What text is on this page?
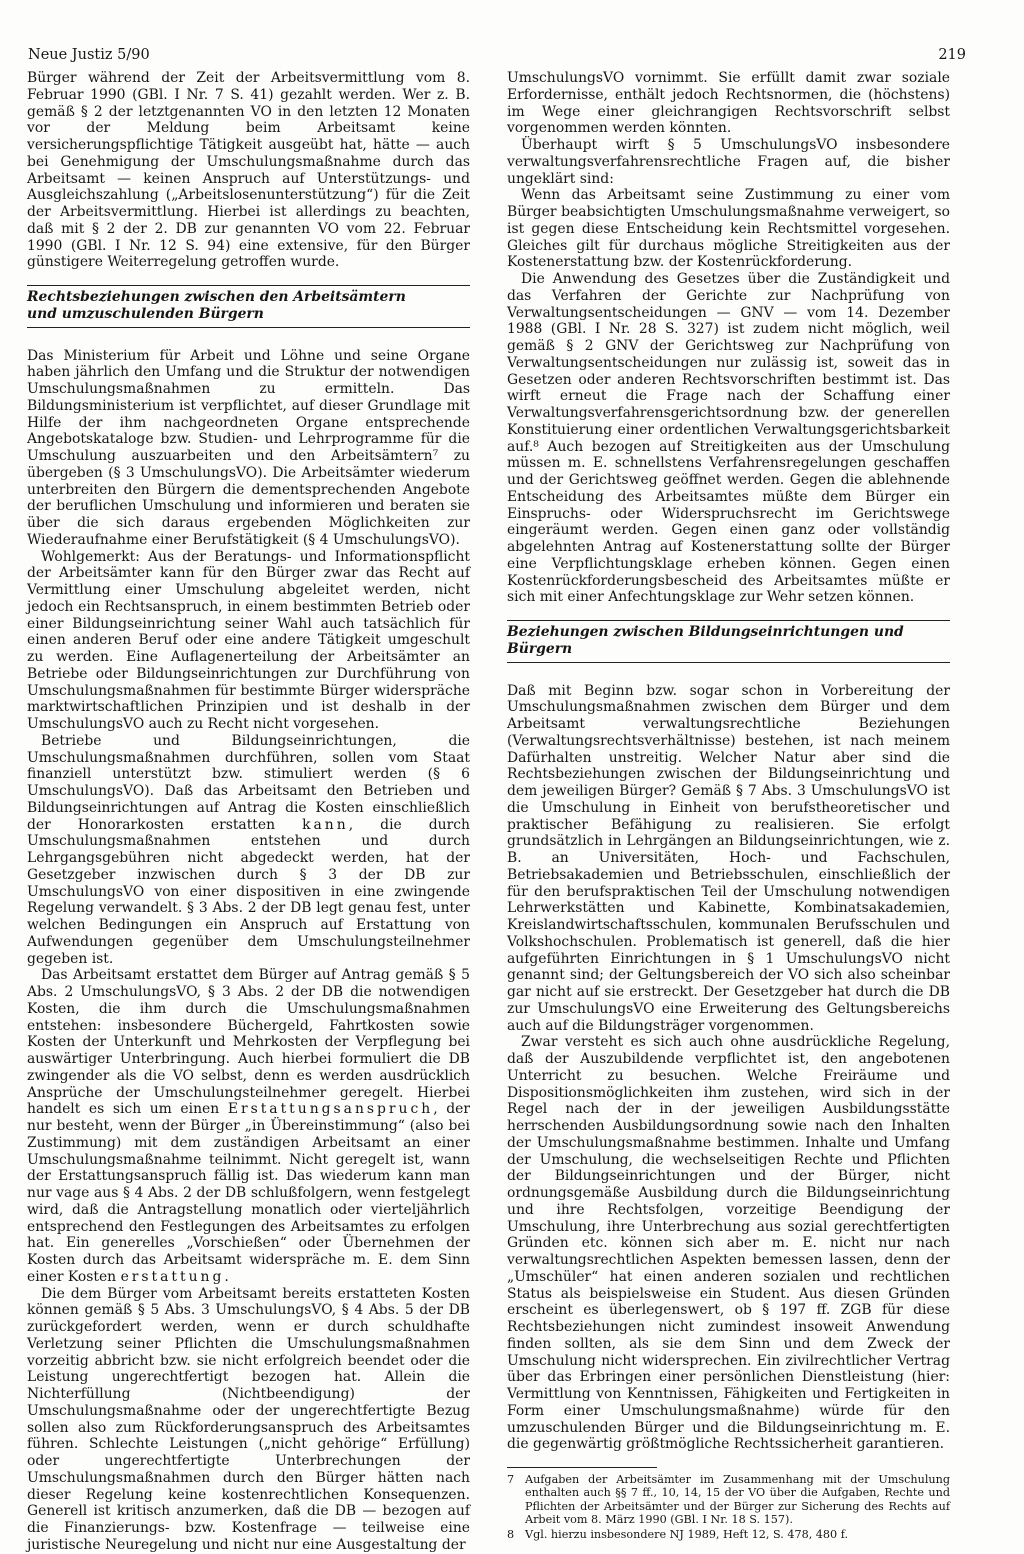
Neue Justiz 5/90	219

Bürger während der Zeit der Arbeitsvermittlung vom 8. Februar 1990 (GBl. I Nr. 7 S. 41) gezahlt werden. Wer z. B. gemäß § 2 der letztgenannten VO in den letzten 12 Monaten vor der Meldung beim Arbeitsamt keine versicherungspflichtige Tätigkeit ausgeübt hat, hätte — auch bei Genehmigung der Umschulungsmaßnahme durch das Arbeitsamt — keinen Anspruch auf Unterstützungs- und Ausgleichszahlung („Arbeitslosenunterstützung“) für die Zeit der Arbeitsvermittlung. Hierbei ist allerdings zu beachten, daß mit § 2 der 2. DB zur genannten VO vom 22. Februar 1990 (GBl. I Nr. 12 S. 94) eine extensive, für den Bürger günstigere Weiterregelung getroffen wurde.

Rechtsbeziehungen zwischen den Arbeitsämtern
und umzuschulenden Bürgern

Das Ministerium für Arbeit und Löhne und seine Organe haben jährlich den Umfang und die Struktur der notwendigen Umschulungsmaßnahmen zu ermitteln. Das Bildungsministerium ist verpflichtet, auf dieser Grundlage mit Hilfe der ihm nachgeordneten Organe entsprechende Angebotskataloge bzw. Studien- und Lehrprogramme für die Umschulung auszuarbeiten und den Arbeitsämtern⁷ zu übergeben (§ 3 UmschulungsVO). Die Arbeitsämter wiederum unterbreiten den Bürgern die dementsprechenden Angebote der beruflichen Umschulung und informieren und beraten sie über die sich daraus ergebenden Möglichkeiten zur Wiederaufnahme einer Berufstätigkeit (§ 4 UmschulungsVO).

Wohlgemerkt: Aus der Beratungs- und Informationspflicht der Arbeitsämter kann für den Bürger zwar das Recht auf Vermittlung einer Umschulung abgeleitet werden, nicht jedoch ein Rechtsanspruch, in einem bestimmten Betrieb oder einer Bildungseinrichtung seiner Wahl auch tatsächlich für einen anderen Beruf oder eine andere Tätigkeit umgeschult zu werden. Eine Auflagenerteilung der Arbeitsämter an Betriebe oder Bildungseinrichtungen zur Durchführung von Umschulungsmaßnahmen für bestimmte Bürger widerspräche marktwirtschaftlichen Prinzipien und ist deshalb in der UmschulungsVO auch zu Recht nicht vorgesehen.

Betriebe und Bildungseinrichtungen, die Umschulungsmaßnahmen durchführen, sollen vom Staat finanziell unterstützt bzw. stimuliert werden (§ 6 UmschulungsVO). Daß das Arbeitsamt den Betrieben und Bildungseinrichtungen auf Antrag die Kosten einschließlich der Honorarkosten erstatten kann, die durch Umschulungsmaßnahmen entstehen und durch Lehrgangsgebühren nicht abgedeckt werden, hat der Gesetzgeber inzwischen durch § 3 der DB zur UmschulungsVO von einer dispositiven in eine zwingende Regelung verwandelt. § 3 Abs. 2 der DB legt genau fest, unter welchen Bedingungen ein Anspruch auf Erstattung von Aufwendungen gegenüber dem Umschulungsteilnehmer gegeben ist.

Das Arbeitsamt erstattet dem Bürger auf Antrag gemäß § 5 Abs. 2 UmschulungsVO, § 3 Abs. 2 der DB die notwendigen Kosten, die ihm durch die Umschulungsmaßnahmen entstehen: insbesondere Büchergeld, Fahrtkosten sowie Kosten der Unterkunft und Mehrkosten der Verpflegung bei auswärtiger Unterbringung. Auch hierbei formuliert die DB zwingender als die VO selbst, denn es werden ausdrücklich Ansprüche der Umschulungsteilnehmer geregelt. Hierbei handelt es sich um einen Erstattungsanspruch, der nur besteht, wenn der Bürger „in Übereinstimmung“ (also bei Zustimmung) mit dem zuständigen Arbeitsamt an einer Umschulungsmaßnahme teilnimmt. Nicht geregelt ist, wann der Erstattungsanspruch fällig ist. Das wiederum kann man nur vage aus § 4 Abs. 2 der DB schlußfolgern, wenn festgelegt wird, daß die Antragstellung monatlich oder vierteljährlich entsprechend den Festlegungen des Arbeitsamtes zu erfolgen hat. Ein generelles „Vorschießen“ oder Übernehmen der Kosten durch das Arbeitsamt widerspräche m. E. dem Sinn einer Kosten erstattung.

Die dem Bürger vom Arbeitsamt bereits erstatteten Kosten können gemäß § 5 Abs. 3 UmschulungsVO, § 4 Abs. 5 der DB zurückgefordert werden, wenn er durch schuldhafte Verletzung seiner Pflichten die Umschulungsmaßnahmen vorzeitig abbricht bzw. sie nicht erfolgreich beendet oder die Leistung ungerechtfertigt bezogen hat. Allein die Nichterfüllung (Nichtbeendigung) der Umschulungsmaßnahme oder der ungerechtfertigte Bezug sollen also zum Rückforderungsanspruch des Arbeitsamtes führen. Schlechte Leistungen („nicht gehörige“ Erfüllung) oder ungerechtfertigte Unterbrechungen der Umschulungsmaßnahmen durch den Bürger hätten nach dieser Regelung keine kostenrechtlichen Konsequenzen. Generell ist kritisch anzumerken, daß die DB — bezogen auf die Finanzierungs- bzw. Kostenfrage — teilweise eine juristische Neuregelung und nicht nur eine Ausgestaltung der

UmschulungsVO vornimmt. Sie erfüllt damit zwar soziale Erfordernisse, enthält jedoch Rechtsnormen, die (höchstens) im Wege einer gleichrangigen Rechtsvorschrift selbst vorgenommen werden könnten.

Überhaupt wirft § 5 UmschulungsVO insbesondere verwaltungsverfahrensrechtliche Fragen auf, die bisher ungeklärt sind:

Wenn das Arbeitsamt seine Zustimmung zu einer vom Bürger beabsichtigten Umschulungsmaßnahme verweigert, so ist gegen diese Entscheidung kein Rechtsmittel vorgesehen. Gleiches gilt für durchaus mögliche Streitigkeiten aus der Kostenerstattung bzw. der Kostenrückforderung.

Die Anwendung des Gesetzes über die Zuständigkeit und das Verfahren der Gerichte zur Nachprüfung von Verwaltungsentscheidungen — GNV — vom 14. Dezember 1988 (GBl. I Nr. 28 S. 327) ist zudem nicht möglich, weil gemäß § 2 GNV der Gerichtsweg zur Nachprüfung von Verwaltungsentscheidungen nur zulässig ist, soweit das in Gesetzen oder anderen Rechtsvorschriften bestimmt ist. Das wirft erneut die Frage nach der Schaffung einer Verwaltungsverfahrensgerichtsordnung bzw. der generellen Konstituierung einer ordentlichen Verwaltungsgerichtsbarkeit auf.⁸ Auch bezogen auf Streitigkeiten aus der Umschulung müssen m. E. schnellstens Verfahrensregelungen geschaffen und der Gerichtsweg geöffnet werden. Gegen die ablehnende Entscheidung des Arbeitsamtes müßte dem Bürger ein Einspruchs- oder Widerspruchsrecht im Gerichtswege eingeräumt werden. Gegen einen ganz oder vollständig abgelehnten Antrag auf Kostenerstattung sollte der Bürger eine Verpflichtungsklage erheben können. Gegen einen Kostenrückforderungsbescheid des Arbeitsamtes müßte er sich mit einer Anfechtungsklage zur Wehr setzen können.

Beziehungen zwischen Bildungseinrichtungen und Bürgern

Daß mit Beginn bzw. sogar schon in Vorbereitung der Umschulungsmaßnahmen zwischen dem Bürger und dem Arbeitsamt verwaltungsrechtliche Beziehungen (Verwaltungsrechtsverhältnisse) bestehen, ist nach meinem Dafürhalten unstreitig. Welcher Natur aber sind die Rechtsbeziehungen zwischen der Bildungseinrichtung und dem jeweiligen Bürger? Gemäß § 7 Abs. 3 UmschulungsVO ist die Umschulung in Einheit von berufstheoretischer und praktischer Befähigung zu realisieren. Sie erfolgt grundsätzlich in Lehrgängen an Bildungseinrichtungen, wie z. B. an Universitäten, Hoch- und Fachschulen, Betriebsakademien und Betriebsschulen, einschließlich der für den berufspraktischen Teil der Umschulung notwendigen Lehrwerkstätten und Kabinette, Kombinatsakademien, Kreislandwirtschaftsschulen, kommunalen Berufsschulen und Volkshochschulen. Problematisch ist generell, daß die hier aufgeführten Einrichtungen in § 1 UmschulungsVO nicht genannt sind; der Geltungsbereich der VO sich also scheinbar gar nicht auf sie erstreckt. Der Gesetzgeber hat durch die DB zur UmschulungsVO eine Erweiterung des Geltungsbereichs auch auf die Bildungsträger vorgenommen.

Zwar versteht es sich auch ohne ausdrückliche Regelung, daß der Auszubildende verpflichtet ist, den angebotenen Unterricht zu besuchen. Welche Freiräume und Dispositionsmöglichkeiten ihm zustehen, wird sich in der Regel nach der in der jeweiligen Ausbildungsstätte herrschenden Ausbildungsordnung sowie nach den Inhalten der Umschulungsmaßnahme bestimmen. Inhalte und Umfang der Umschulung, die wechselseitigen Rechte und Pflichten der Bildungseinrichtungen und der Bürger, nicht ordnungsgemäße Ausbildung durch die Bildungseinrichtung und ihre Rechtsfolgen, vorzeitige Beendigung der Umschulung, ihre Unterbrechung aus sozial gerechtfertigten Gründen etc. können sich aber m. E. nicht nur nach verwaltungsrechtlichen Aspekten bemessen lassen, denn der „Umschüler“ hat einen anderen sozialen und rechtlichen Status als beispielsweise ein Student. Aus diesen Gründen erscheint es überlegenswert, ob § 197 ff. ZGB für diese Rechtsbeziehungen nicht zumindest insoweit Anwendung finden sollten, als sie dem Sinn und dem Zweck der Umschulung nicht widersprechen. Ein zivilrechtlicher Vertrag über das Erbringen einer persönlichen Dienstleistung (hier: Vermittlung von Kenntnissen, Fähigkeiten und Fertigkeiten in Form einer Umschulungsmaßnahme) würde für den umzuschulenden Bürger und die Bildungseinrichtung m. E. die gegenwärtig größtmögliche Rechtssicherheit garantieren.

7 Aufgaben der Arbeitsämter im Zusammenhang mit der Umschulung enthalten auch §§ 7 ff., 10, 14, 15 der VO über die Aufgaben, Rechte und Pflichten der Arbeitsämter und der Bürger zur Sicherung des Rechts auf Arbeit vom 8. März 1990 (GBl. I Nr. 18 S. 157).
8 Vgl. hierzu insbesondere NJ 1989, Heft 12, S. 478, 480 f.
